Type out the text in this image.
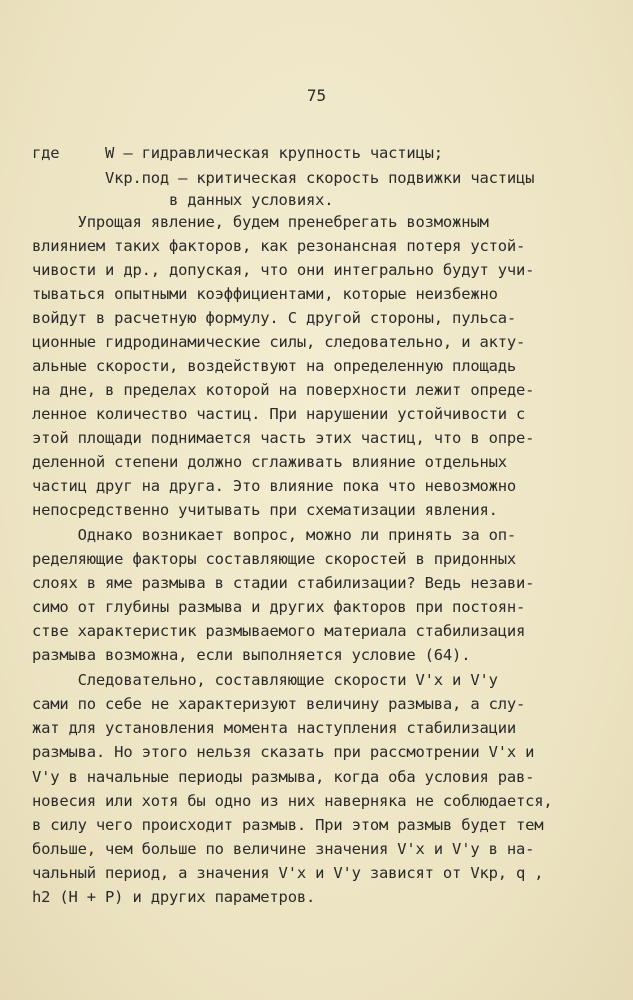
75
где     W – гидравлическая крупность частицы;
Vкр.под – критическая скорость подвижки частицы
в данных условиях.
Упрощая явление, будем пренебрегать возможным
влиянием таких факторов, как резонансная потеря устой-
чивости и др., допуская, что они интегрально будут учи-
тываться опытными коэффициентами, которые неизбежно
войдут в расчетную формулу. С другой стороны, пульса-
ционные гидродинамические силы, следовательно, и акту-
альные скорости, воздействуют на определенную площадь
на дне, в пределах которой на поверхности лежит опреде-
ленное количество частиц. При нарушении устойчивости с
этой площади поднимается часть этих частиц, что в опре-
деленной степени должно сглаживать влияние отдельных
частиц друг на друга. Это влияние пока что невозможно
непосредственно учитывать при схематизации явления.
Однако возникает вопрос, можно ли принять за оп-
ределяющие факторы составляющие скоростей в придонных
слоях в яме размыва в стадии стабилизации? Ведь незави-
симо от глубины размыва и других факторов при постоян-
стве характеристик размываемого материала стабилизация
размыва возможна, если выполняется условие (64).
Следовательно, составляющие скорости V'x и V'y
сами по себе не характеризуют величину размыва, а слу-
жат для установления момента наступления стабилизации
размыва. Но этого нельзя сказать при рассмотрении V'x и
V'y в начальные периоды размыва, когда оба условия рав-
новесия или хотя бы одно из них наверняка не соблюдается,
в силу чего происходит размыв. При этом размыв будет тем
больше, чем больше по величине значения V'x и V'y в на-
чальный период, а значения V'x и V'y зависят от Vкр, q ,
h2 (H + P) и других параметров.
